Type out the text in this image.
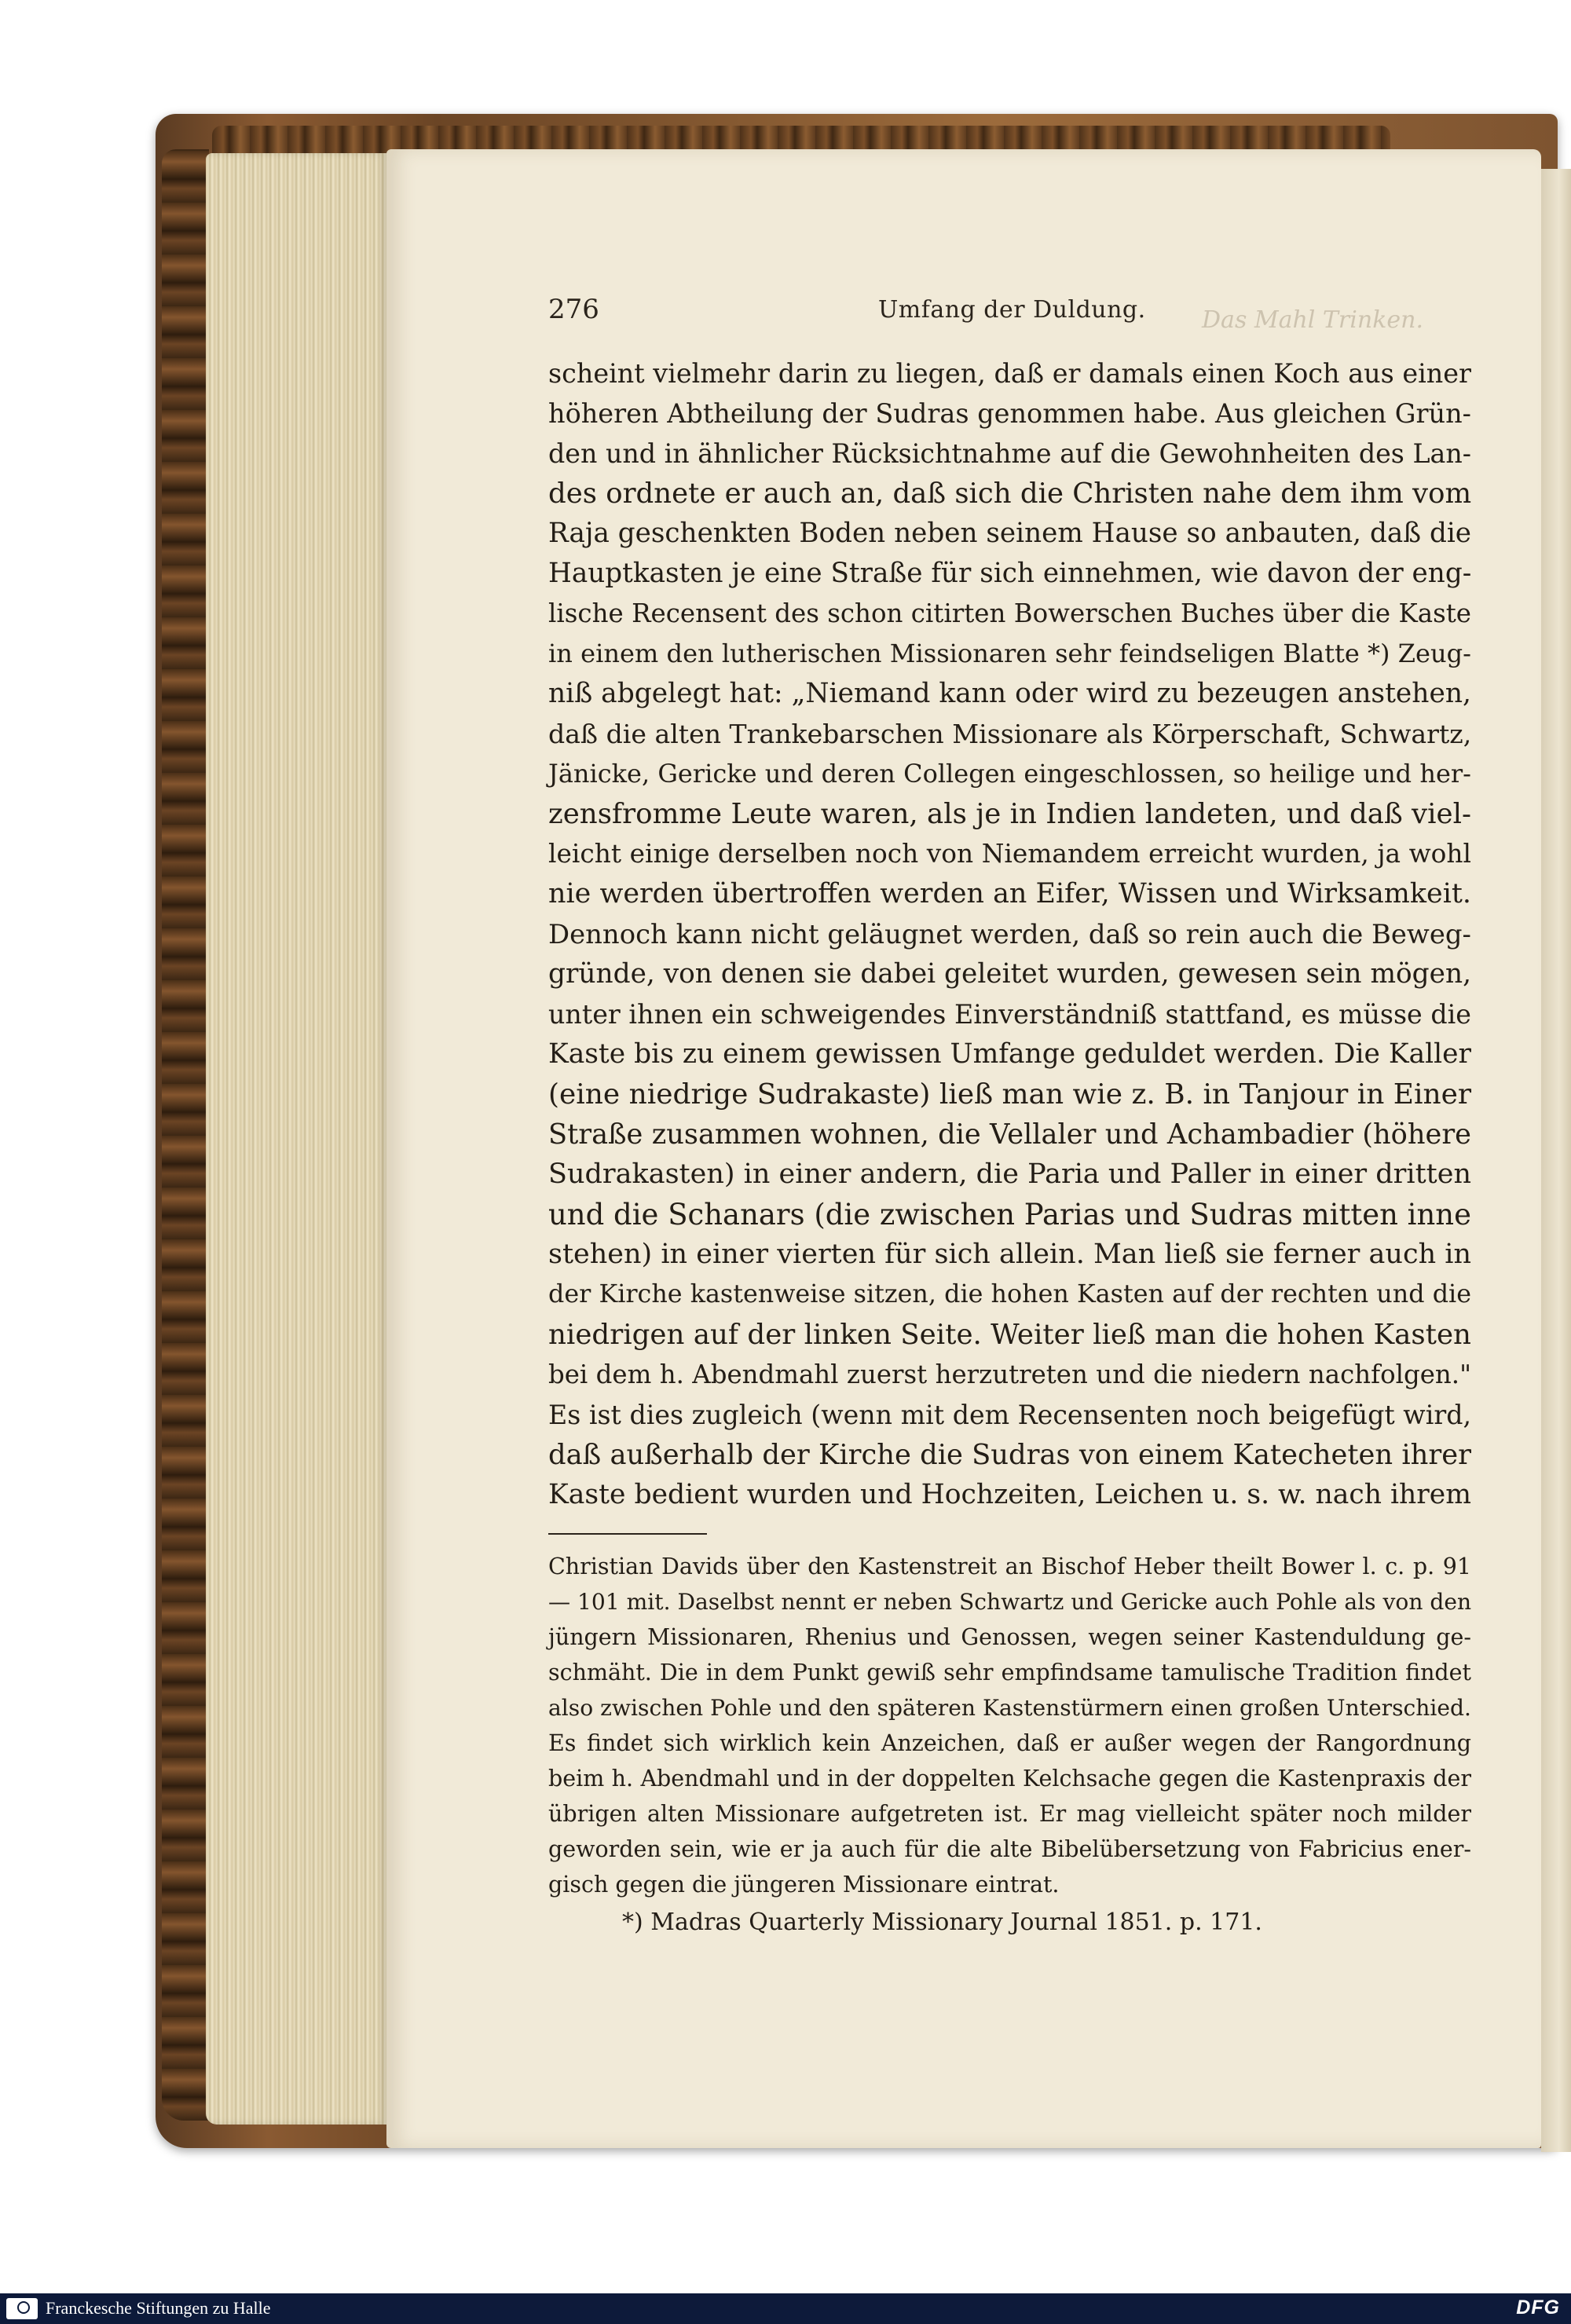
Das Mahl Trinken.
276	Umfang der Duldung.
scheint vielmehr darin zu liegen, daß er damals einen Koch aus einer
höheren Abtheilung der Sudras genommen habe. Aus gleichen Grün-
den und in ähnlicher Rücksichtnahme auf die Gewohnheiten des Lan-
des ordnete er auch an, daß sich die Christen nahe dem ihm vom
Raja geschenkten Boden neben seinem Hause so anbauten, daß die
Hauptkasten je eine Straße für sich einnehmen, wie davon der eng-
lische Recensent des schon citirten Bowerschen Buches über die Kaste
in einem den lutherischen Missionaren sehr feindseligen Blatte *) Zeug-
niß abgelegt hat: „Niemand kann oder wird zu bezeugen anstehen,
daß die alten Trankebarschen Missionare als Körperschaft, Schwartz,
Jänicke, Gericke und deren Collegen eingeschlossen, so heilige und her-
zensfromme Leute waren, als je in Indien landeten, und daß viel-
leicht einige derselben noch von Niemandem erreicht wurden, ja wohl
nie werden übertroffen werden an Eifer, Wissen und Wirksamkeit.
Dennoch kann nicht geläugnet werden, daß so rein auch die Beweg-
gründe, von denen sie dabei geleitet wurden, gewesen sein mögen,
unter ihnen ein schweigendes Einverständniß stattfand, es müsse die
Kaste bis zu einem gewissen Umfange geduldet werden. Die Kaller
(eine niedrige Sudrakaste) ließ man wie z. B. in Tanjour in Einer
Straße zusammen wohnen, die Vellaler und Achambadier (höhere
Sudrakasten) in einer andern, die Paria und Paller in einer dritten
und die Schanars (die zwischen Parias und Sudras mitten inne
stehen) in einer vierten für sich allein. Man ließ sie ferner auch in
der Kirche kastenweise sitzen, die hohen Kasten auf der rechten und die
niedrigen auf der linken Seite. Weiter ließ man die hohen Kasten
bei dem h. Abendmahl zuerst herzutreten und die niedern nachfolgen."
Es ist dies zugleich (wenn mit dem Recensenten noch beigefügt wird,
daß außerhalb der Kirche die Sudras von einem Katecheten ihrer
Kaste bedient wurden und Hochzeiten, Leichen u. s. w. nach ihrem
Christian Davids über den Kastenstreit an Bischof Heber theilt Bower l. c. p. 91
— 101 mit. Daselbst nennt er neben Schwartz und Gericke auch Pohle als von den
jüngern Missionaren, Rhenius und Genossen, wegen seiner Kastenduldung ge-
schmäht. Die in dem Punkt gewiß sehr empfindsame tamulische Tradition findet
also zwischen Pohle und den späteren Kastenstürmern einen großen Unterschied.
Es findet sich wirklich kein Anzeichen, daß er außer wegen der Rangordnung
beim h. Abendmahl und in der doppelten Kelchsache gegen die Kastenpraxis der
übrigen alten Missionare aufgetreten ist. Er mag vielleicht später noch milder
geworden sein, wie er ja auch für die alte Bibelübersetzung von Fabricius ener-
gisch gegen die jüngeren Missionare eintrat.
*) Madras Quarterly Missionary Journal 1851. p. 171.
Franckesche Stiftungen zu Halle	DFG
